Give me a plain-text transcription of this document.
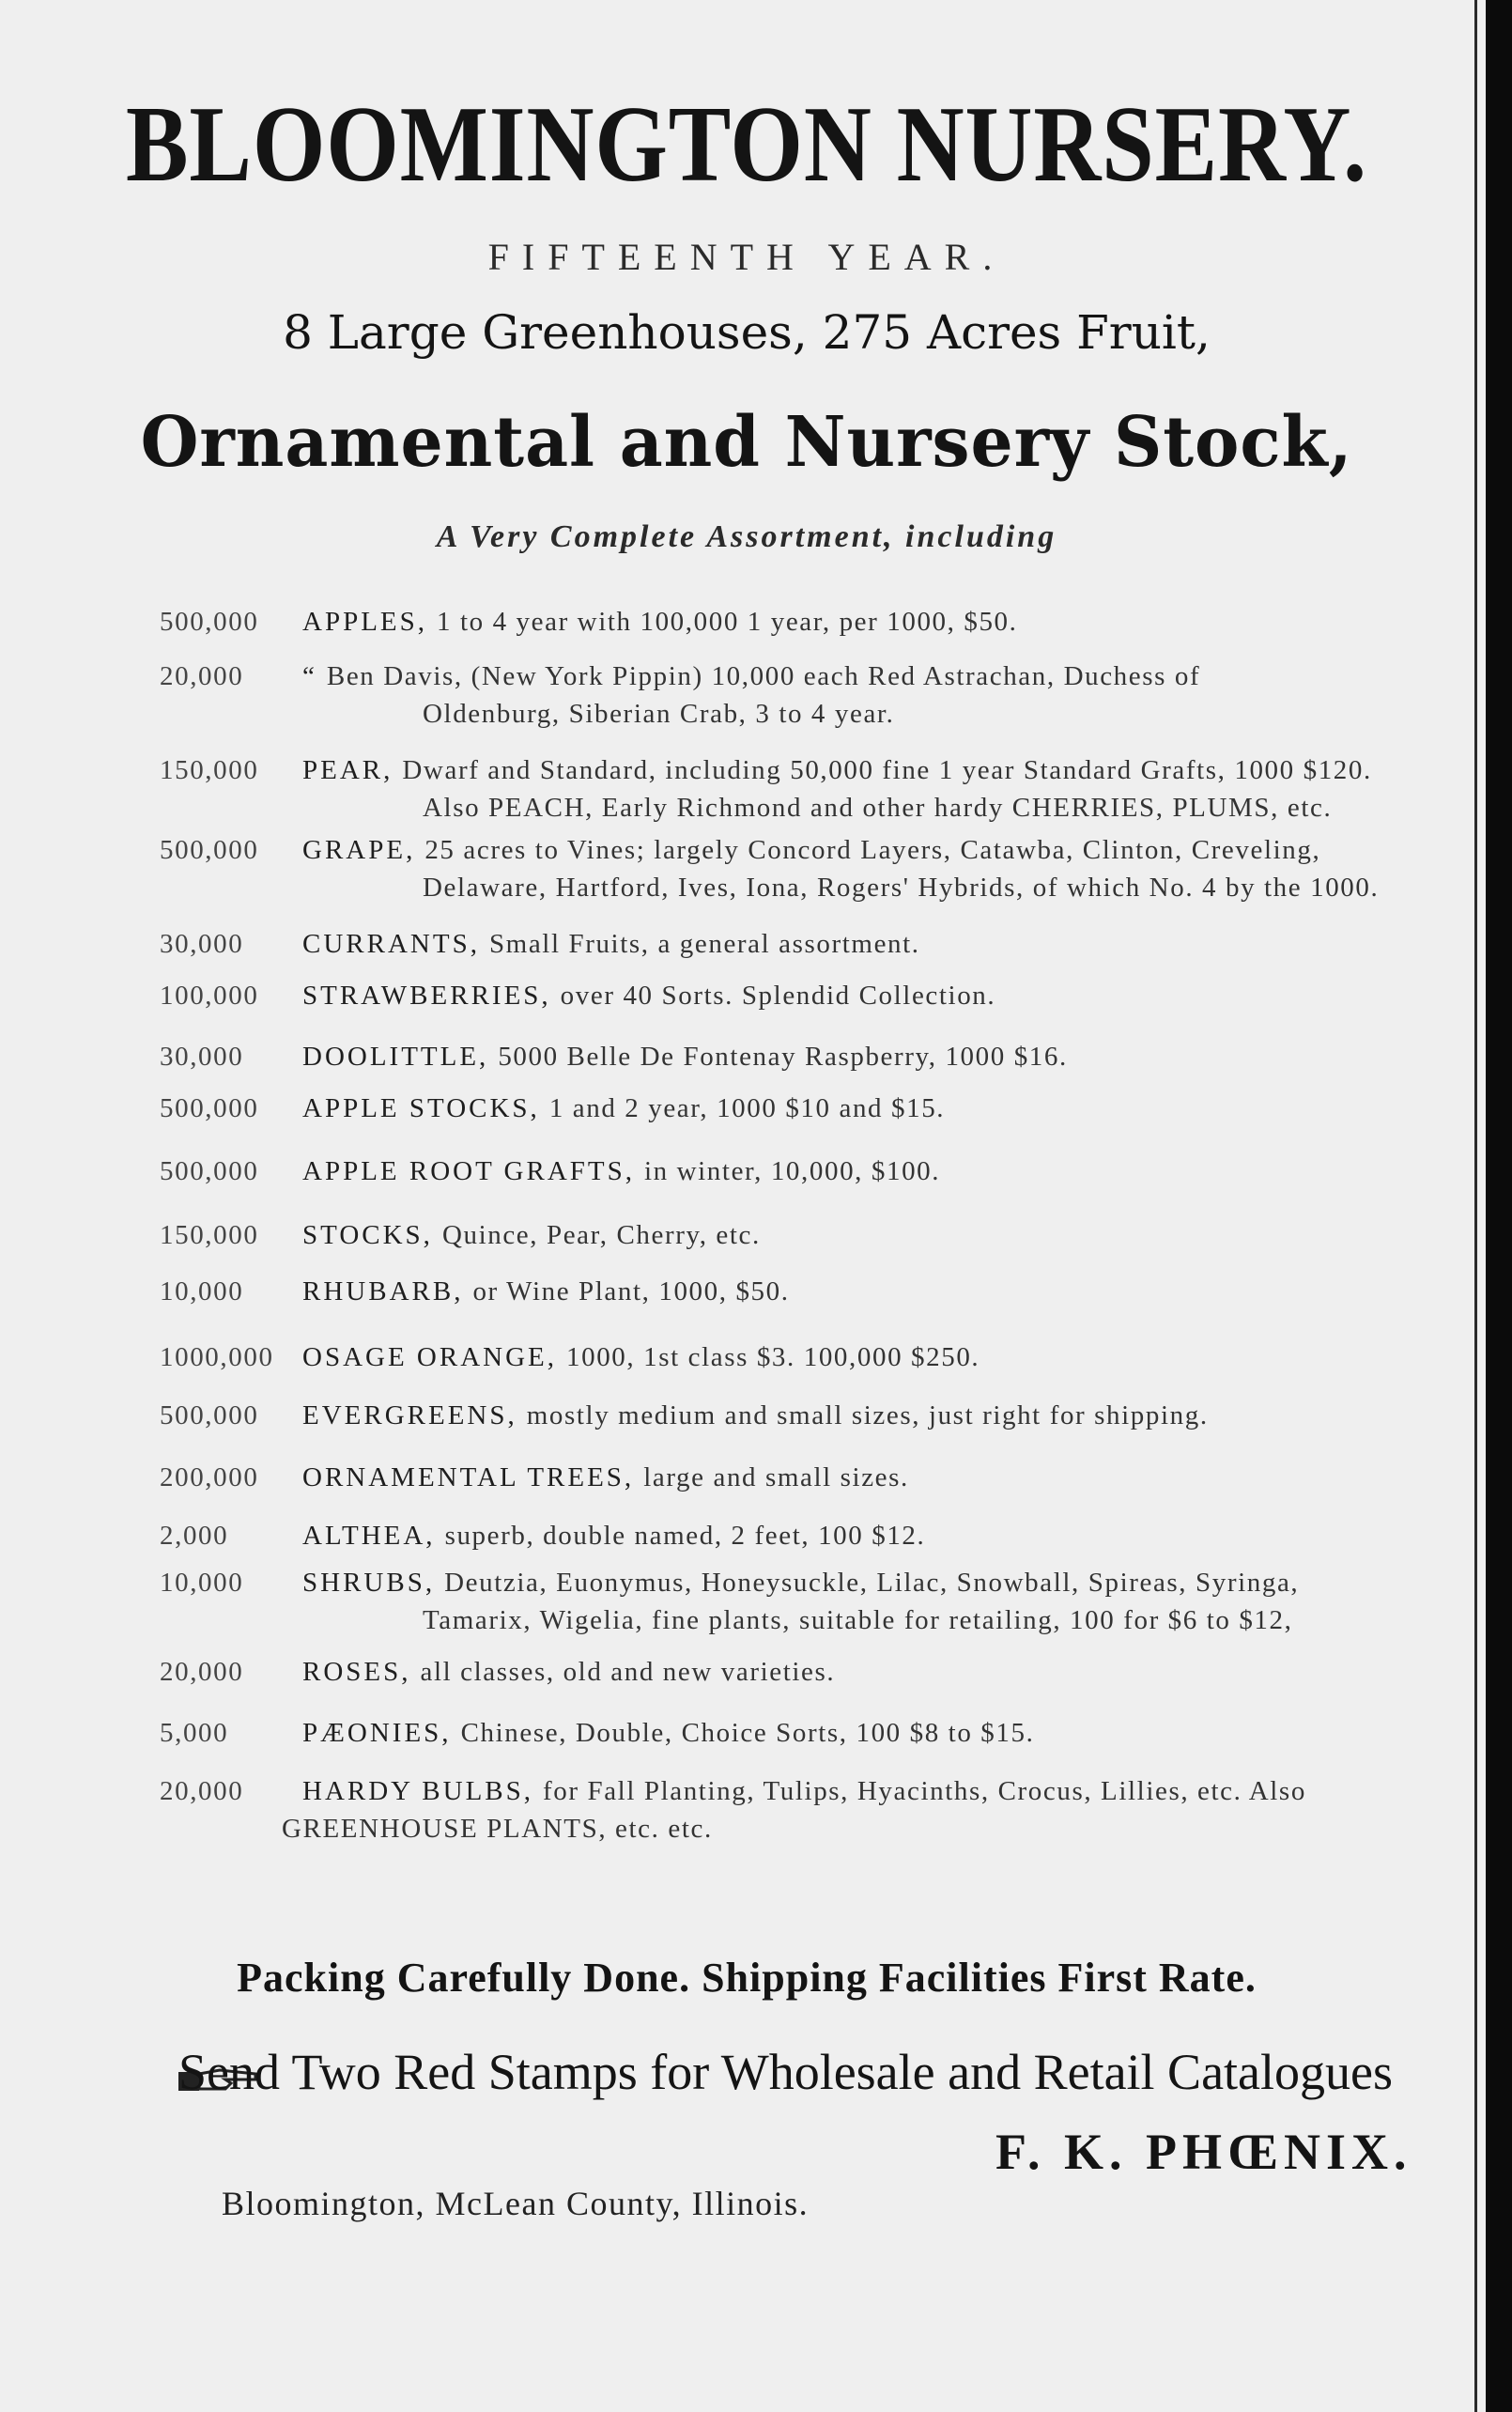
BLOOMINGTON NURSERY.
FIFTEENTH YEAR.
8 Large Greenhouses, 275 Acres Fruit,
Ornamental and Nursery Stock,
A Very Complete Assortment, including
500,000 APPLES, 1 to 4 year with 100,000 1 year, per 1000, $50.
20,000 “ Ben Davis, (New York Pippin) 10,000 each Red Astrachan, Duchess of
Oldenburg, Siberian Crab, 3 to 4 year.
150,000 PEAR, Dwarf and Standard, including 50,000 fine 1 year Standard Grafts, 1000 $120.
Also PEACH, Early Richmond and other hardy CHERRIES, PLUMS, etc.
500,000 GRAPE, 25 acres to Vines; largely Concord Layers, Catawba, Clinton, Creveling,
Delaware, Hartford, Ives, Iona, Rogers' Hybrids, of which No. 4 by the 1000.
30,000 CURRANTS, Small Fruits, a general assortment.
100,000 STRAWBERRIES, over 40 Sorts. Splendid Collection.
30,000 DOOLITTLE, 5000 Belle De Fontenay Raspberry, 1000 $16.
500,000 APPLE STOCKS, 1 and 2 year, 1000 $10 and $15.
500,000 APPLE ROOT GRAFTS, in winter, 10,000, $100.
150,000 STOCKS, Quince, Pear, Cherry, etc.
10,000 RHUBARB, or Wine Plant, 1000, $50.
1000,000 OSAGE ORANGE, 1000, 1st class $3. 100,000 $250.
500,000 EVERGREENS, mostly medium and small sizes, just right for shipping.
200,000 ORNAMENTAL TREES, large and small sizes.
2,000	ALTHEA, superb, double named, 2 feet, 100 $12.
10,000 SHRUBS, Deutzia, Euonymus, Honeysuckle, Lilac, Snowball, Spireas, Syringa,
Tamarix, Wigelia, fine plants, suitable for retailing, 100 for $6 to $12,
20,000 ROSES, all classes, old and new varieties.
5,000	PÆONIES, Chinese, Double, Choice Sorts, 100 $8 to $15.
20,000 HARDY BULBS, for Fall Planting, Tulips, Hyacinths, Crocus, Lillies, etc. Also
GREENHOUSE PLANTS, etc. etc.
Packing Carefully Done. Shipping Facilities First Rate.
Send Two Red Stamps for Wholesale and Retail Catalogues
F. K. PHŒNIX.
Bloomington, McLean County, Illinois.
